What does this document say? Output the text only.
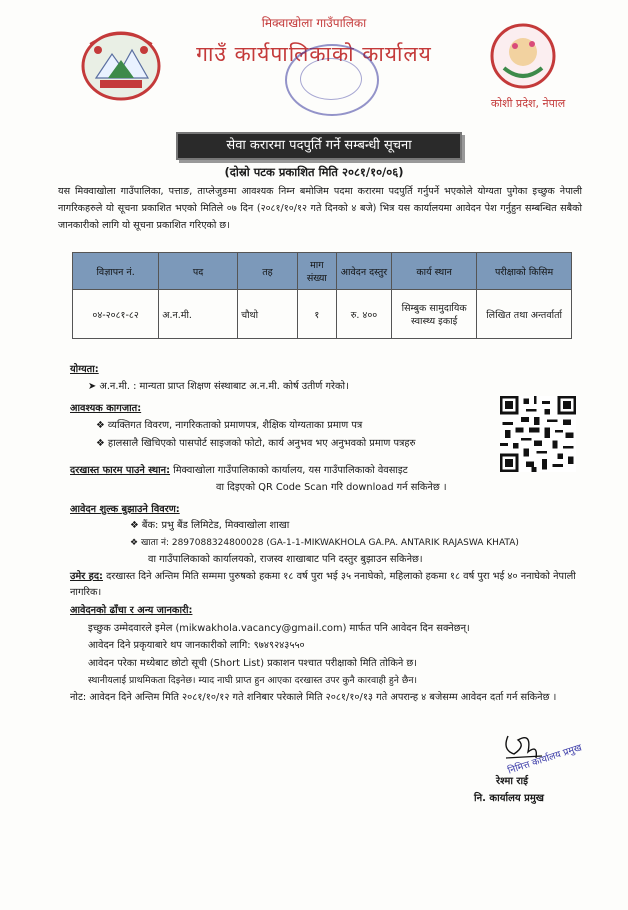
मिक्वाखोला गाउँपालिका
गाउँ कार्यपालिकाको कार्यालय
कोशी प्रदेश, नेपाल
सेवा करारमा पदपुर्ति गर्ने सम्बन्धी सूचना
(दोस्रो पटक प्रकाशित मिति २०८१/१०/०६)
यस मिक्वाखोला गाउँपालिका, पत्ताङ, ताप्लेजुङमा आवश्यक निम्न बमोजिम पदमा करारमा पदपुर्ति गर्नुपर्ने भएकोले योग्यता पुगेका इच्छुक नेपाली नागरिकहरुले यो सूचना प्रकाशित भएको मितिले ०७ दिन (२०८१/१०/१२ गते दिनको ४ बजे) भित्र यस कार्यालयमा आवेदन पेश गर्नुहुन सम्बन्धित सबैको जानकारीको लागि यो सूचना प्रकाशित गरिएको छ।
विज्ञापन नं.	पद	तह	माग संख्या	आवेदन दस्तुर	कार्य स्थान	परीक्षाको किसिम
०४-२०८१-८२	अ.न.मी.	चौथो	१	रु. ४००	सिम्बुक सामुदायिक स्वास्थ्य इकाई	लिखित तथा अन्तर्वार्ता
योग्यता:
➤ अ.न.मी. : मान्यता प्राप्त शिक्षण संस्थाबाट अ.न.मी. कोर्ष उतीर्ण गरेको।
आवश्यक कागजात:
❖ व्यक्तिगत विवरण, नागरिकताको प्रमाणपत्र, शैक्षिक योग्यताका प्रमाण पत्र
❖ हालसालै खिचिएको पासपोर्ट साइजको फोटो, कार्य अनुभव भए अनुभवको प्रमाण पत्रहरु
दरखास्त फारम पाउने स्थान: मिक्वाखोला गाउँपालिकाको कार्यालय, यस गाउँपालिकाको वेवसाइट
वा दिइएको QR Code Scan गरि download गर्न सकिनेछ ।
आवेदन शुल्क बुझाउने विवरण:
❖ बैंक: प्रभु बैंड लिमिटेड, मिक्वाखोला शाखा
❖ खाता नं: 2897088324800028 (GA-1-1-MIKWAKHOLA GA.PA. ANTARIK RAJASWA KHATA)
वा गाउँपालिकाको कार्यालयको, राजस्व शाखाबाट पनि दस्तुर बुझाउन सकिनेछ।
उमेर हद: दरखास्त दिने अन्तिम मिति सम्ममा पुरुषको हकमा १८ वर्ष पुरा भई ३५ ननाघेको, महिलाको हकमा १८ वर्ष पुरा भई ४० ननाघेको नेपाली नागरिक।
आवेदनको ढाँचा र अन्य जानकारी:
इच्छुक उम्मेदवारले इमेल (mikwakhola.vacancy@gmail.com) मार्फत पनि आवेदन दिन सक्नेछन्।
आवेदन दिने प्रकृयाबारे थप जानकारीको लागि: ९७४९२४३५५०
आवेदन परेका मध्येबाट छोटो सूची (Short List) प्रकाशन पश्चात परीक्षाको मिति तोकिने छ।
स्थानीयलाई प्राथमिकता दिइनेछ। म्याद नाघी प्राप्त हुन आएका दरखास्त उपर कुनै कारवाही हुने छैन।
नोट: आवेदन दिने अन्तिम मिति २०८१/१०/१२ गते शनिबार परेकाले मिति २०८१/१०/१३ गते अपरान्ह ४ बजेसम्म आवेदन दर्ता गर्न सकिनेछ ।
निमित्त कार्यालय प्रमुख
रेश्मा राई
नि. कार्यालय प्रमुख
